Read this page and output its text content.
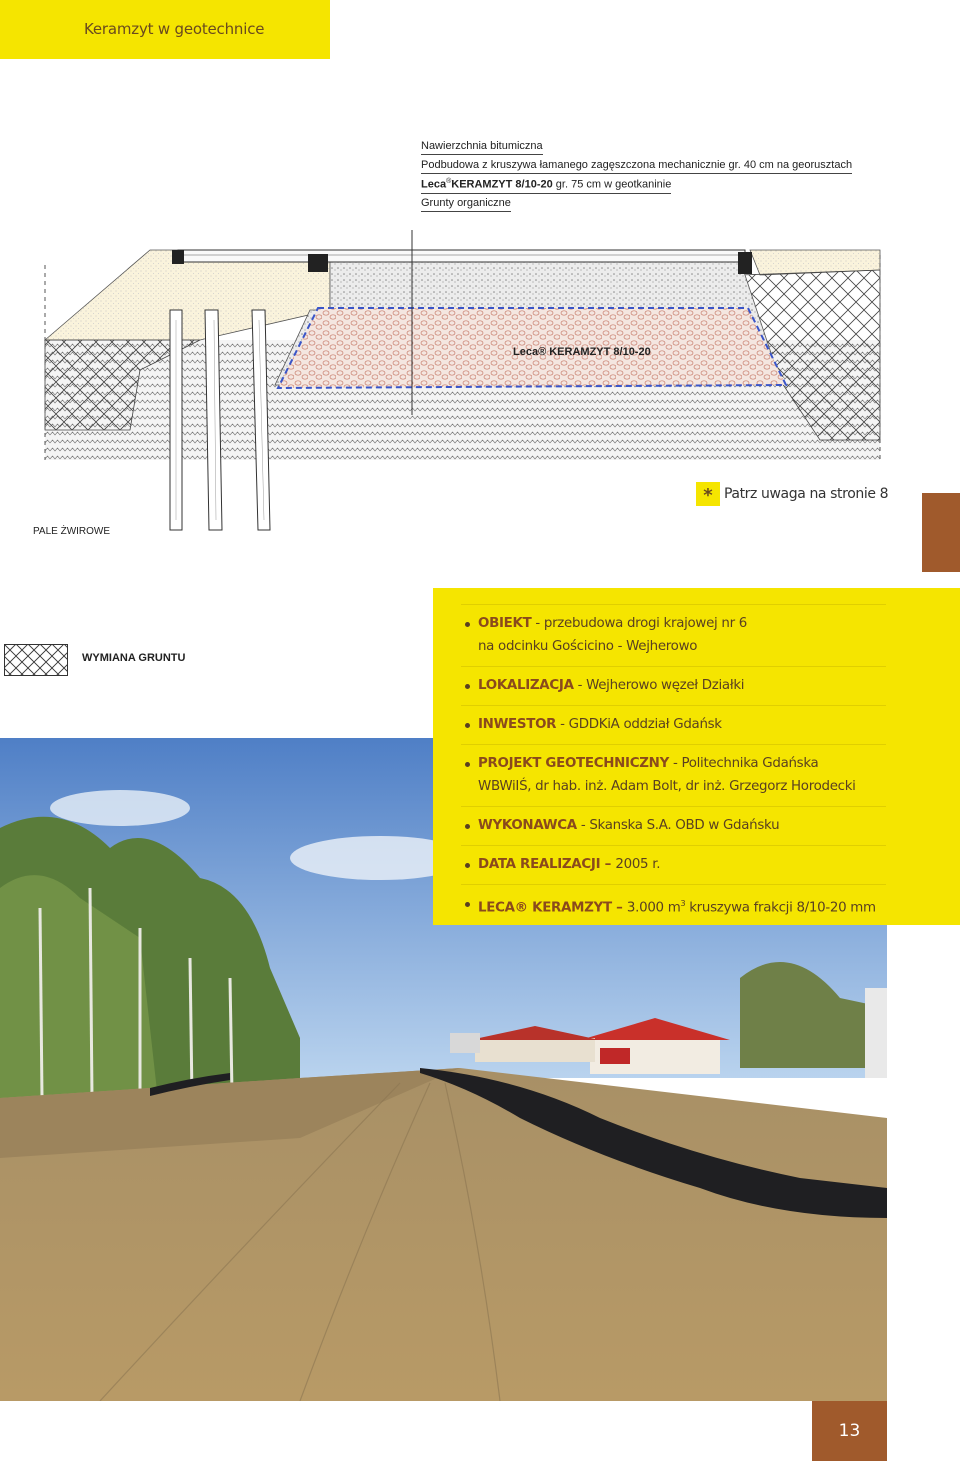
Keramzyt w geotechnice
Nawierzchnia bitumiczna
Podbudowa z kruszywa łamanego zagęszczona mechanicznie gr. 40 cm na georusztach
Leca®KERAMZYT 8/10-20 gr. 75 cm w geotkaninie
Grunty organiczne
Leca® KERAMZYT 8/10-20
* Patrz uwaga na stronie 8
PALE ŻWIROWE
WYMIANA GRUNTU
OBIEKT - przebudowa drogi krajowej nr 6
na odcinku Gościcino - Wejherowo
LOKALIZACJA - Wejherowo węzeł Działki
INWESTOR - GDDKiA oddział Gdańsk
PROJEKT GEOTECHNICZNY - Politechnika Gdańska
WBWiIŚ, dr hab. inż. Adam Bolt, dr inż. Grzegorz Horodecki
WYKONAWCA - Skanska S.A. OBD w Gdańsku
DATA REALIZACJI – 2005 r.
LECA® KERAMZYT – 3.000 $m^3$ kruszywa frakcji 8/10-20 mm
13
